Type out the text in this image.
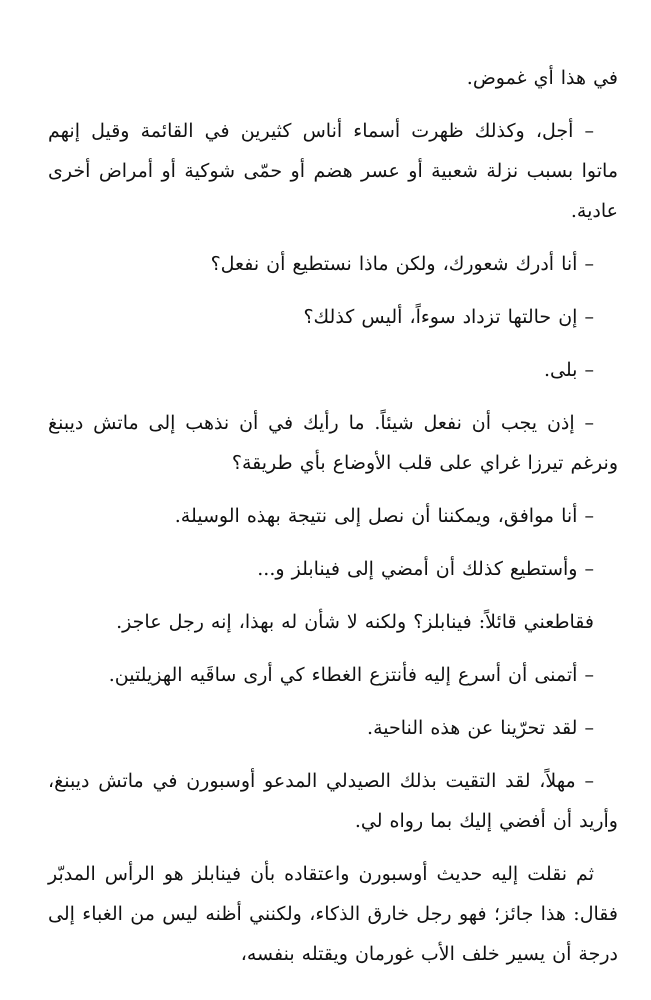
في هذا أي غموض.

– أجل، وكذلك ظهرت أسماء أناس كثيرين في القائمة وقيل إنهم ماتوا بسبب نزلة شعبية أو عسر هضم أو حمّى شوكية أو أمراض أخرى عادية.

– أنا أدرك شعورك، ولكن ماذا نستطيع أن نفعل؟

– إن حالتها تزداد سوءاً، أليس كذلك؟

– بلى.

– إذن يجب أن نفعل شيئاً. ما رأيك في أن نذهب إلى ماتش ديبنغ ونرغم تيرزا غراي على قلب الأوضاع بأي طريقة؟

– أنا موافق، ويمكننا أن نصل إلى نتيجة بهذه الوسيلة.

– وأستطيع كذلك أن أمضي إلى فينابلز و...

فقاطعني قائلاً: فينابلز؟ ولكنه لا شأن له بهذا، إنه رجل عاجز.

– أتمنى أن أسرع إليه فأنتزع الغطاء كي أرى ساقَيه الهزيلتين.

– لقد تحرّينا عن هذه الناحية.

– مهلاً، لقد التقيت بذلك الصيدلي المدعو أوسبورن في ماتش ديبنغ، وأريد أن أفضي إليك بما رواه لي.

ثم نقلت إليه حديث أوسبورن واعتقاده بأن فينابلز هو الرأس المدبّر فقال: هذا جائز؛ فهو رجل خارق الذكاء، ولكنني أظنه ليس من الغباء إلى درجة أن يسير خلف الأب غورمان ويقتله بنفسه،
